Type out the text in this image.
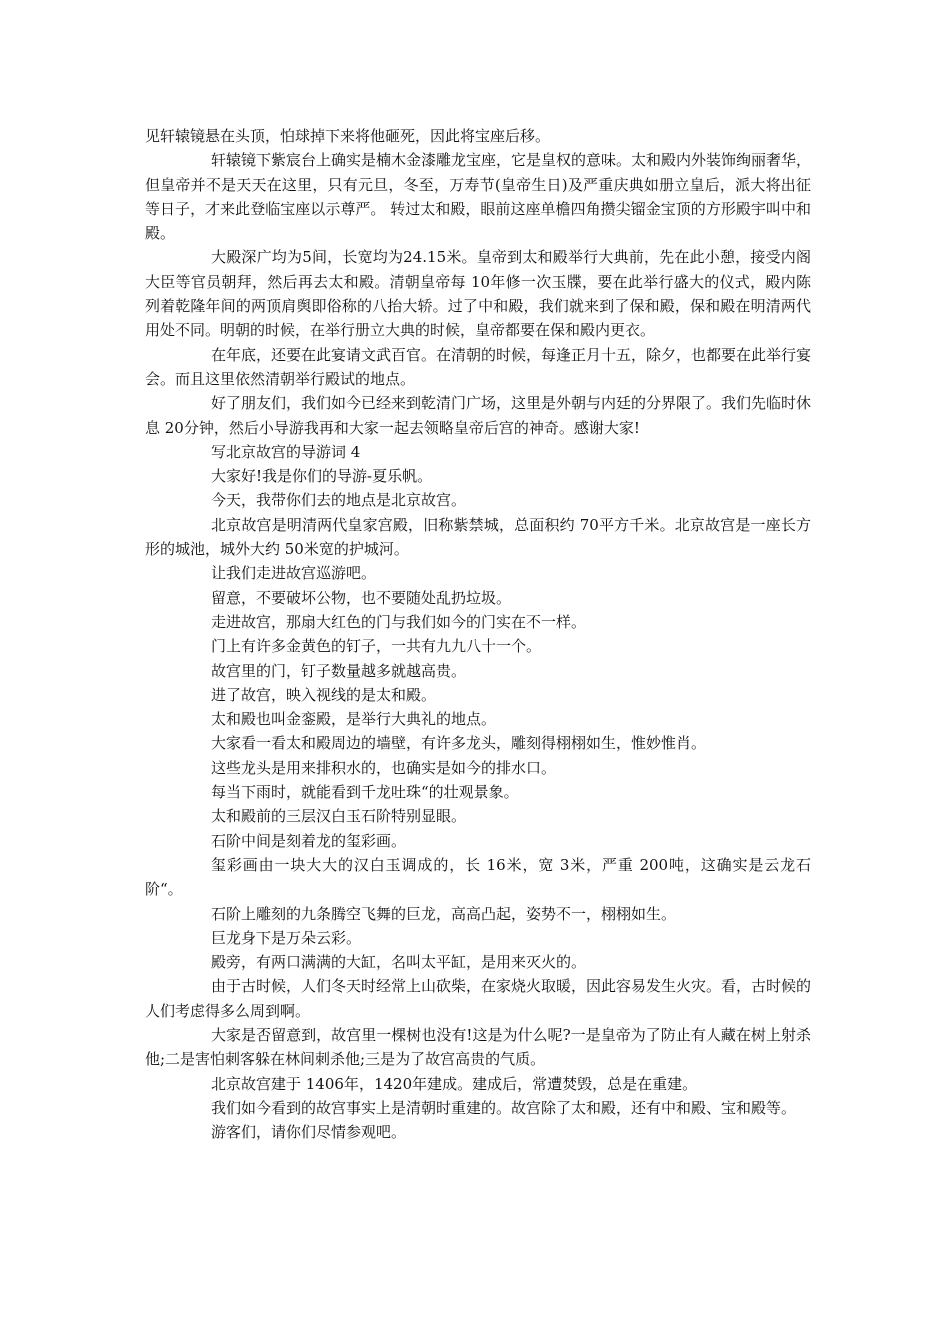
见轩辕镜悬在头顶，怕球掉下来将他砸死，因此将宝座后移。

轩辕镜下紫宸台上确实是楠木金漆雕龙宝座，它是皇权的意味。太和殿内外装饰绚丽奢华，但皇帝并不是天天在这里，只有元旦，冬至，万寿节(皇帝生日)及严重庆典如册立皇后，派大将出征等日子，才来此登临宝座以示尊严。 转过太和殿，眼前这座单檐四角攒尖镏金宝顶的方形殿宇叫中和殿。

大殿深广均为5间，长宽均为24.15米。皇帝到太和殿举行大典前，先在此小憩，接受内阁大臣等官员朝拜，然后再去太和殿。清朝皇帝每 10年修一次玉牒，要在此举行盛大的仪式，殿内陈列着乾隆年间的两顶肩舆即俗称的八抬大轿。过了中和殿，我们就来到了保和殿，保和殿在明清两代用处不同。明朝的时候，在举行册立大典的时候，皇帝都要在保和殿内更衣。

在年底，还要在此宴请文武百官。在清朝的时候，每逢正月十五，除夕，也都要在此举行宴会。而且这里依然清朝举行殿试的地点。

好了朋友们，我们如今已经来到乾清门广场，这里是外朝与内廷的分界限了。我们先临时休息 20分钟，然后小导游我再和大家一起去领略皇帝后宫的神奇。感谢大家!

写北京故宫的导游词 4

大家好!我是你们的导游-夏乐帆。

今天，我带你们去的地点是北京故宫。

北京故宫是明清两代皇家宫殿，旧称紫禁城，总面积约 70平方千米。北京故宫是一座长方形的城池，城外大约 50米宽的护城河。

让我们走进故宫巡游吧。

留意，不要破坏公物，也不要随处乱扔垃圾。

走进故宫，那扇大红色的门与我们如今的门实在不一样。

门上有许多金黄色的钉子，一共有九九八十一个。

故宫里的门，钉子数量越多就越高贵。

进了故宫，映入视线的是太和殿。

太和殿也叫金銮殿，是举行大典礼的地点。

大家看一看太和殿周边的墙壁，有许多龙头，雕刻得栩栩如生，惟妙惟肖。

这些龙头是用来排积水的，也确实是如今的排水口。

每当下雨时，就能看到千龙吐珠“的壮观景象。

太和殿前的三层汉白玉石阶特别显眼。

石阶中间是刻着龙的玺彩画。

玺彩画由一块大大的汉白玉调成的，长 16米，宽 3米，严重 200吨，这确实是云龙石阶“。

石阶上雕刻的九条腾空飞舞的巨龙，高高凸起，姿势不一，栩栩如生。

巨龙身下是万朵云彩。

殿旁，有两口满满的大缸，名叫太平缸，是用来灭火的。

由于古时候，人们冬天时经常上山砍柴，在家烧火取暖，因此容易发生火灾。看，古时候的人们考虑得多么周到啊。

大家是否留意到，故宫里一棵树也没有!这是为什么呢?一是皇帝为了防止有人藏在树上射杀他;二是害怕刺客躲在林间刺杀他;三是为了故宫高贵的气质。

北京故宫建于 1406年，1420年建成。建成后，常遭焚毁，总是在重建。

我们如今看到的故宫事实上是清朝时重建的。故宫除了太和殿，还有中和殿、宝和殿等。

游客们，请你们尽情参观吧。
